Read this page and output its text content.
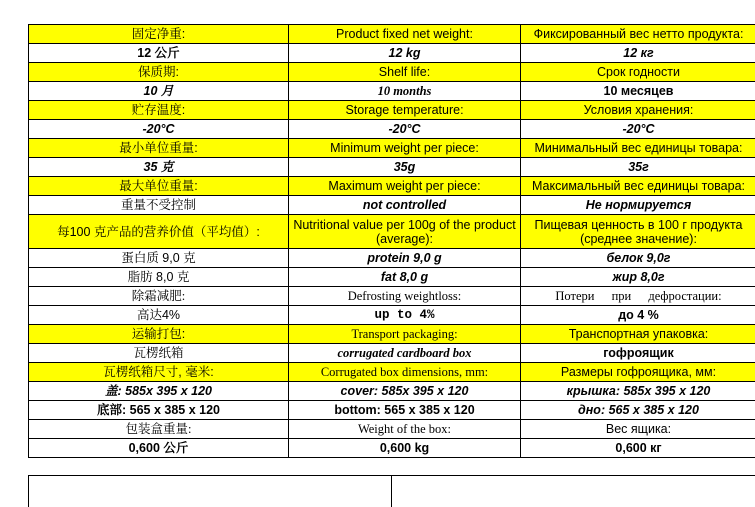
固定净重:	Product fixed net weight:	Фиксированный вес нетто продукта:
12 公斤	12 kg	12 кг
保质期:	Shelf life:	Срок годности
10 月	10 months	10 месяцев
贮存温度:	Storage temperature:	Условия хранения:
-20°C	-20°C	-20°C
最小单位重量:	Minimum weight per piece:	Минимальный вес единицы товара:
35 克	35g	35г
最大单位重量:	Maximum weight per piece:	Максимальный вес единицы товара:
重量不受控制	not controlled	Не нормируется
每100 克产品的营养价值（平均值）:	Nutritional value per 100g of the product (average):	Пищевая ценность в 100 г продукта (среднее значение):
蛋白质 9,0 克	protein 9,0 g	белок 9,0г
脂肪 8,0 克	fat 8,0 g	жир 8,0г
除霜减肥:	Defrosting weightloss:	Потери при дефростации:
高达4%	up to 4%	до 4 %
运输打包:	Transport packaging:	Транспортная упаковка:
瓦楞纸箱	corrugated cardboard box	гофроящик
瓦楞纸箱尺寸, 毫米:	Corrugated box dimensions, mm:	Размеры гофроящика, мм:
盖: 585x 395 x 120	cover: 585x 395 x 120	крышка: 585x 395 x 120
底部: 565 x 385 x 120	bottom: 565 x 385 x 120	дно: 565 x 385 x 120
包装盒重量:	Weight of the box:	Вес ящика:
0,600 公斤	0,600 kg	0,600 кг
